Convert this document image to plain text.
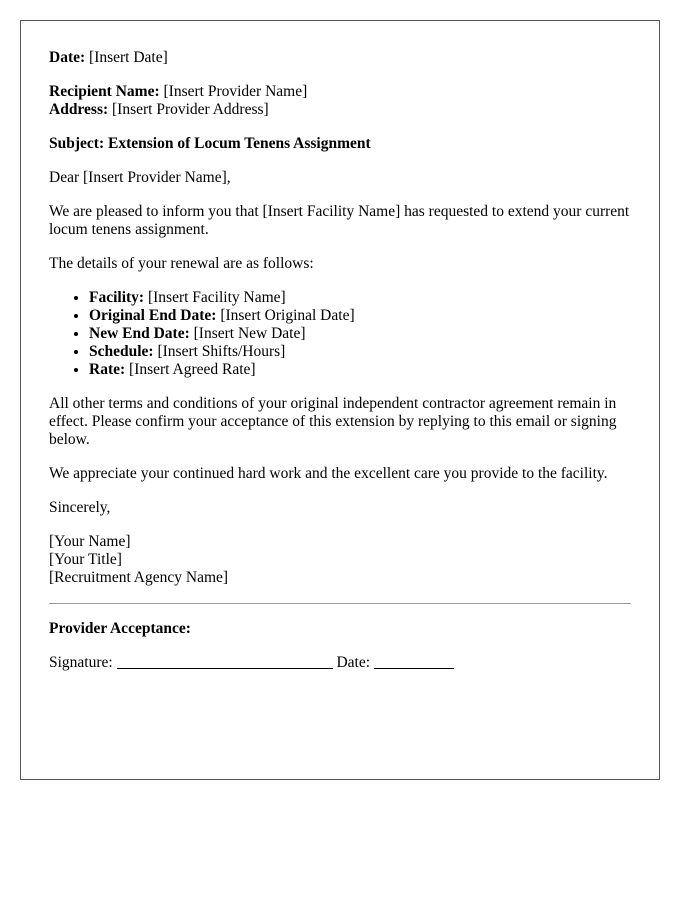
Date: [Insert Date]

Recipient Name: [Insert Provider Name]

Address: [Insert Provider Address]

Subject: Extension of Locum Tenens Assignment

Dear [Insert Provider Name],

We are pleased to inform you that [Insert Facility Name] has requested to extend your current locum tenens assignment.

The details of your renewal are as follows:

• Facility: [Insert Facility Name]
• Original End Date: [Insert Original Date]
• New End Date: [Insert New Date]
• Schedule: [Insert Shifts/Hours]
• Rate: [Insert Agreed Rate]

All other terms and conditions of your original independent contractor agreement remain in effect. Please confirm your acceptance of this extension by replying to this email or signing below.

We appreciate your continued hard work and the excellent care you provide to the facility.

Sincerely,

[Your Name]

[Your Title]

[Recruitment Agency Name]

Provider Acceptance:

Signature:	Date:
